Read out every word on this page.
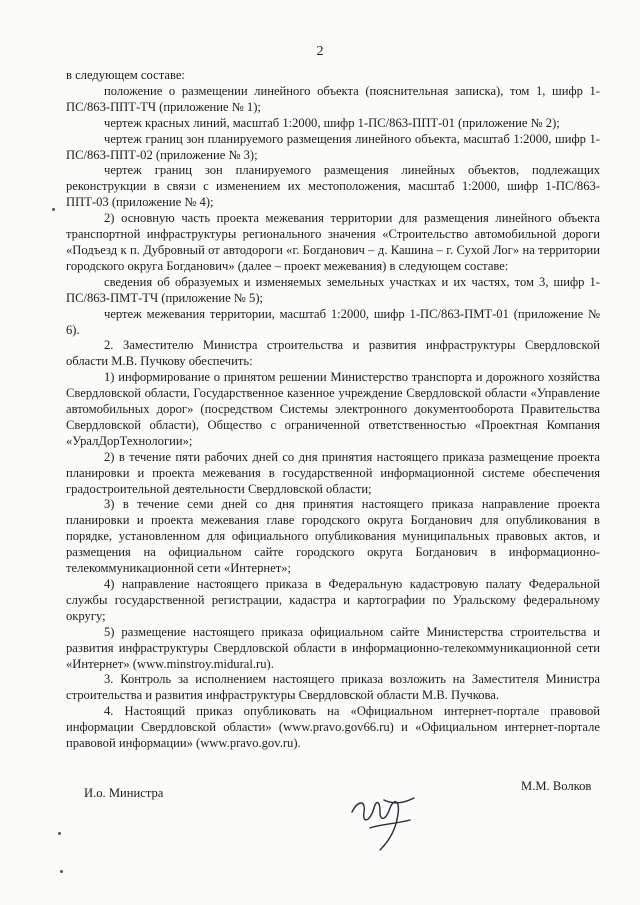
2

в следующем составе:

положение о размещении линейного объекта (пояснительная записка), том 1, шифр 1-ПС/863-ППТ-ТЧ (приложение № 1);

чертеж красных линий, масштаб 1:2000, шифр 1-ПС/863-ППТ-01 (приложение № 2);

чертеж границ зон планируемого размещения линейного объекта, масштаб 1:2000, шифр 1-ПС/863-ППТ-02 (приложение № 3);

чертеж границ зон планируемого размещения линейных объектов, подлежащих реконструкции в связи с изменением их местоположения, масштаб 1:2000, шифр 1-ПС/863-ППТ-03 (приложение № 4);

2) основную часть проекта межевания территории для размещения линейного объекта транспортной инфраструктуры регионального значения «Строительство автомобильной дороги «Подъезд к п. Дубровный от автодороги «г. Богданович – д. Кашина – г. Сухой Лог» на территории городского округа Богданович» (далее – проект межевания) в следующем составе:

сведения об образуемых и изменяемых земельных участках и их частях, том 3, шифр 1-ПС/863-ПМТ-ТЧ (приложение № 5);

чертеж межевания территории, масштаб 1:2000, шифр 1-ПС/863-ПМТ-01 (приложение № 6).

2. Заместителю Министра строительства и развития инфраструктуры Свердловской области М.В. Пучкову обеспечить:

1) информирование о принятом решении Министерство транспорта и дорожного хозяйства Свердловской области, Государственное казенное учреждение Свердловской области «Управление автомобильных дорог» (посредством Системы электронного документооборота Правительства Свердловской области), Общество с ограниченной ответственностью «Проектная Компания «УралДорТехнологии»;

2) в течение пяти рабочих дней со дня принятия настоящего приказа размещение проекта планировки и проекта межевания в государственной информационной системе обеспечения градостроительной деятельности Свердловской области;

3) в течение семи дней со дня принятия настоящего приказа направление проекта планировки и проекта межевания главе городского округа Богданович для опубликования в порядке, установленном для официального опубликования муниципальных правовых актов, и размещения на официальном сайте городского округа Богданович в информационно-телекоммуникационной сети «Интернет»;

4) направление настоящего приказа в Федеральную кадастровую палату Федеральной службы государственной регистрации, кадастра и картографии по Уральскому федеральному округу;

5) размещение настоящего приказа официальном сайте Министерства строительства и развития инфраструктуры Свердловской области в информационно-телекоммуникационной сети «Интернет» (www.minstroy.midural.ru).

3. Контроль за исполнением настоящего приказа возложить на Заместителя Министра строительства и развития инфраструктуры Свердловской области М.В. Пучкова.

4. Настоящий приказ опубликовать на «Официальном интернет-портале правовой информации Свердловской области» (www.pravo.gov66.ru) и «Официальном интернет-портале правовой информации» (www.pravo.gov.ru).

И.о. Министра	М.М. Волков
